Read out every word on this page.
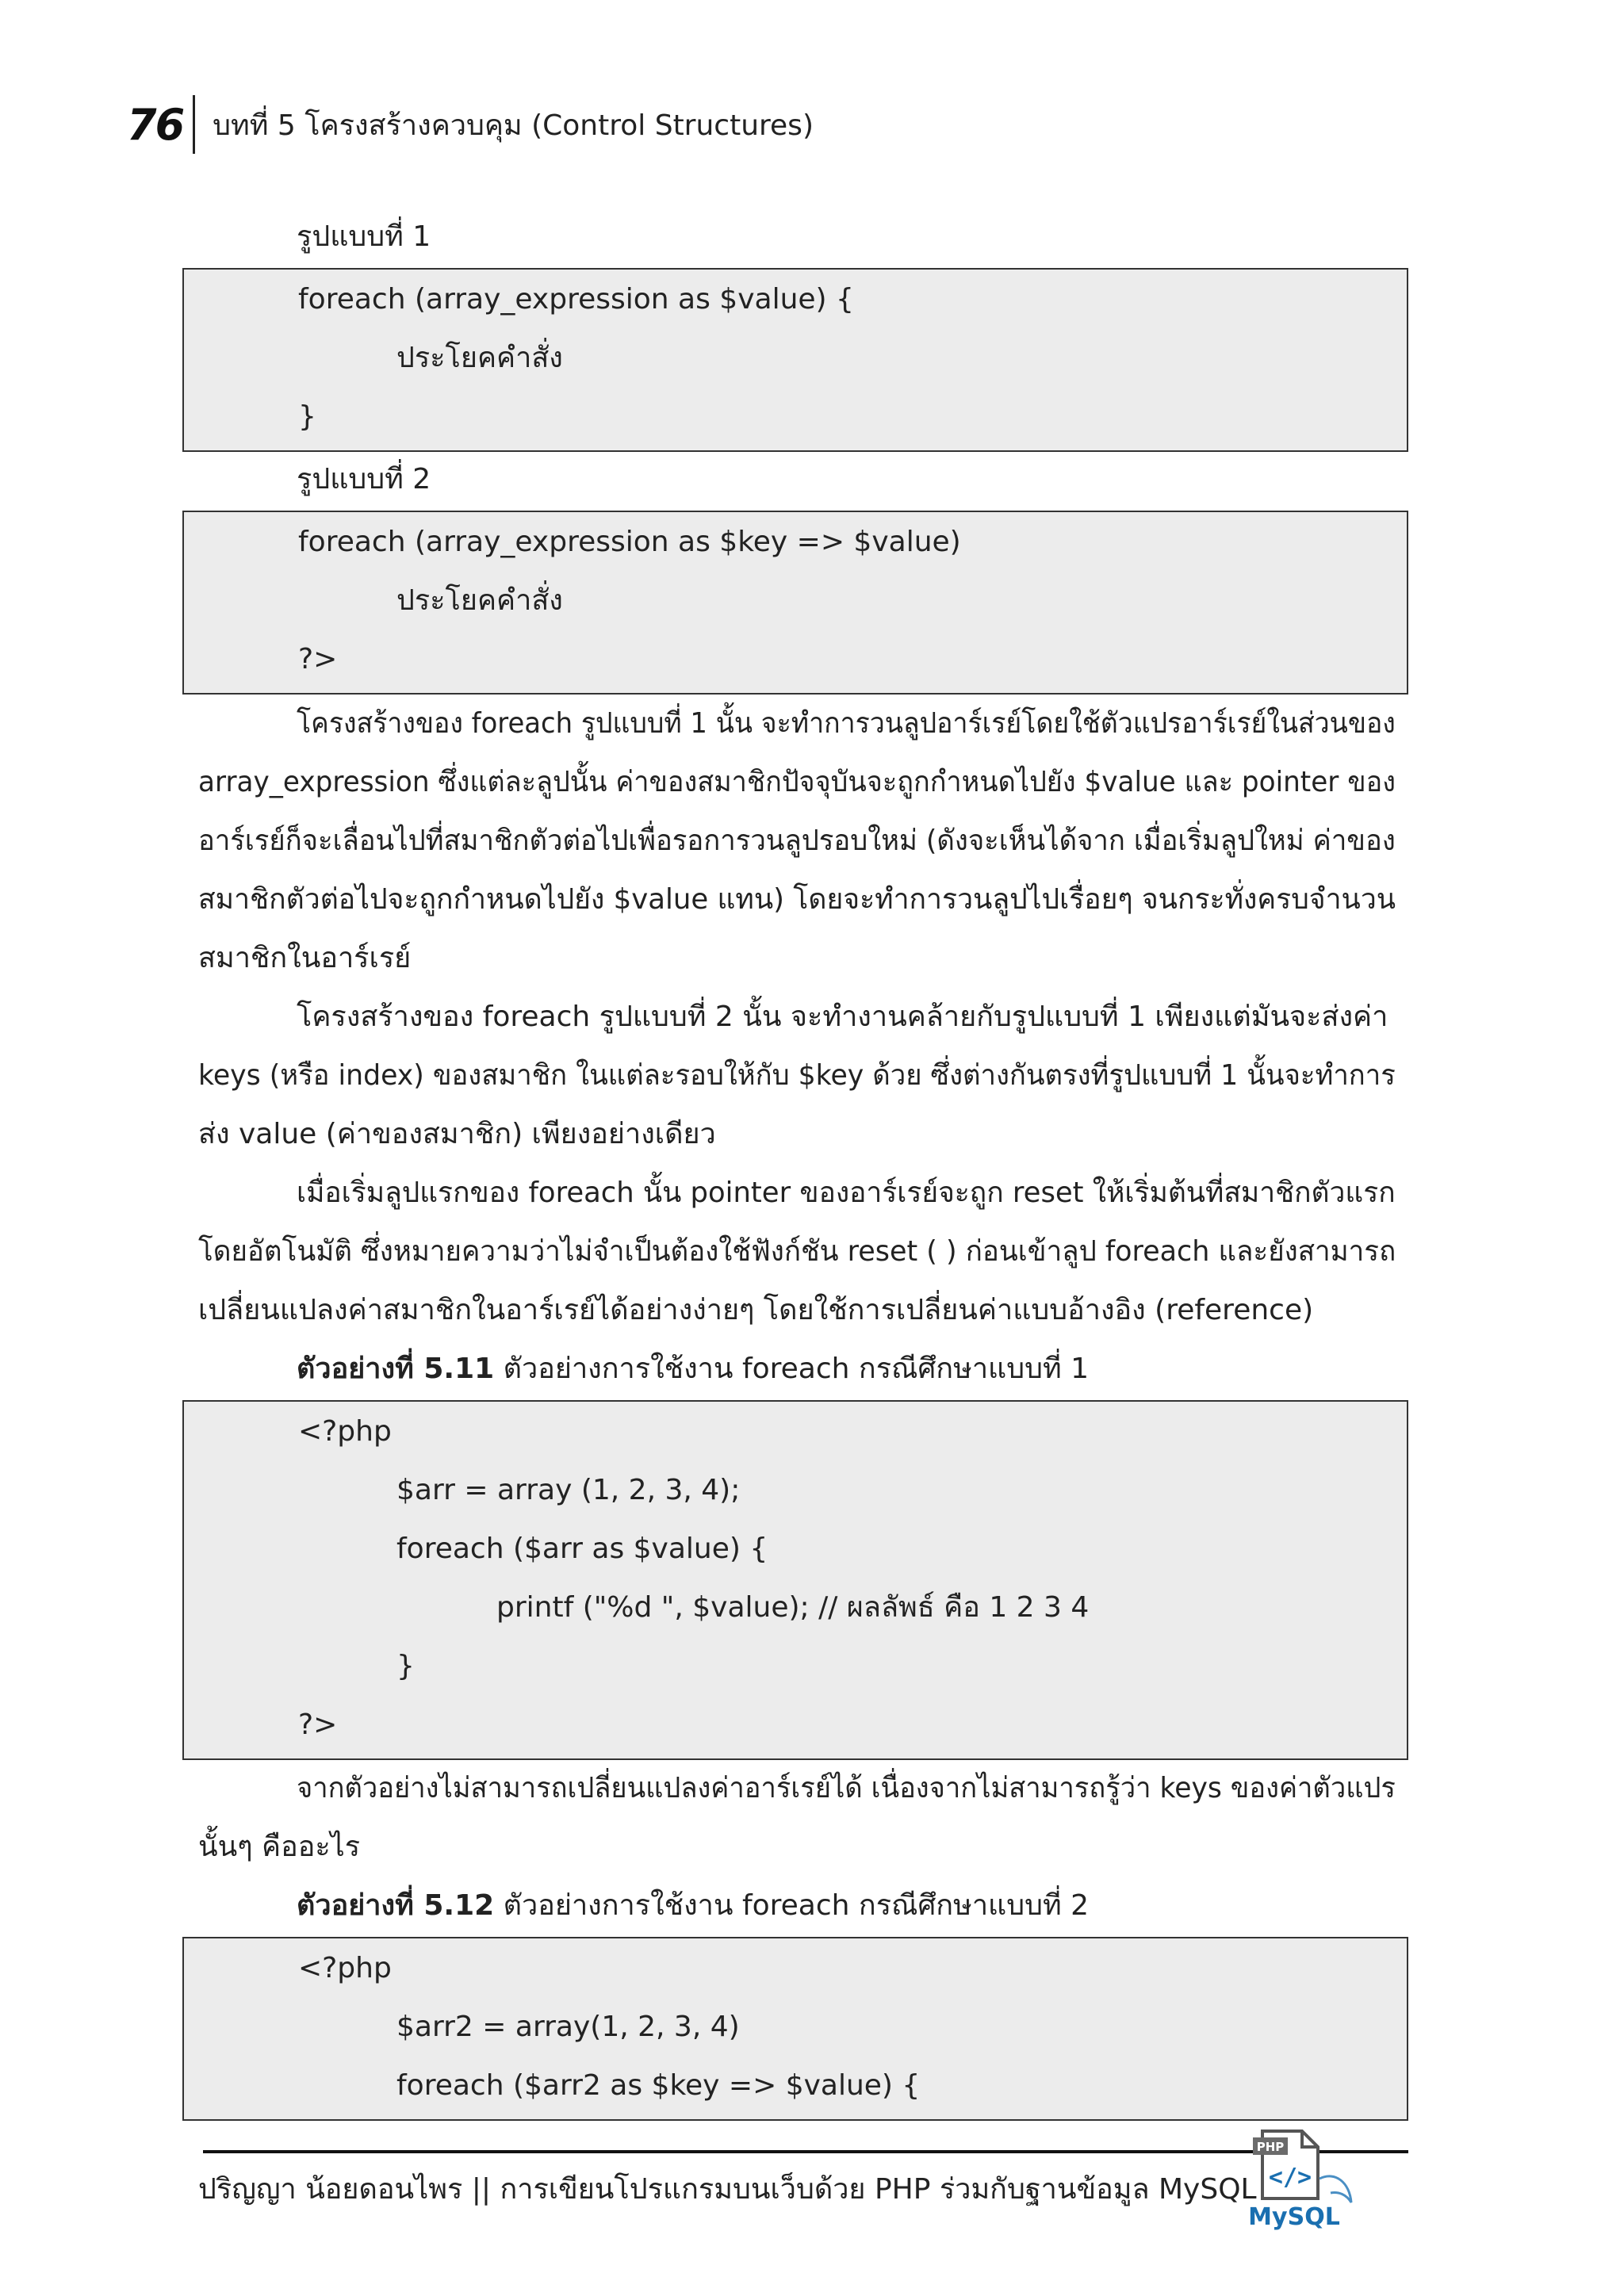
76 บทที่ 5 โครงสร้างควบคุม (Control Structures)
รูปแบบที่ 1
foreach (array_expression as $value) {
ประโยคคำสั่ง
}
รูปแบบที่ 2
foreach (array_expression as $key => $value)
ประโยคคำสั่ง
?>
โครงสร้างของ foreach รูปแบบที่ 1 นั้น จะทำการวนลูปอาร์เรย์โดยใช้ตัวแปรอาร์เรย์ในส่วนของ
array_expression ซึ่งแต่ละลูปนั้น ค่าของสมาชิกปัจจุบันจะถูกกำหนดไปยัง $value และ pointer ของ
อาร์เรย์ก็จะเลื่อนไปที่สมาชิกตัวต่อไปเพื่อรอการวนลูปรอบใหม่ (ดังจะเห็นได้จาก เมื่อเริ่มลูปใหม่ ค่าของ
สมาชิกตัวต่อไปจะถูกกำหนดไปยัง $value แทน) โดยจะทำการวนลูปไปเรื่อยๆ จนกระทั่งครบจำนวน
สมาชิกในอาร์เรย์
โครงสร้างของ foreach รูปแบบที่ 2 นั้น จะทำงานคล้ายกับรูปแบบที่ 1 เพียงแต่มันจะส่งค่า
keys (หรือ index) ของสมาชิก ในแต่ละรอบให้กับ $key ด้วย ซึ่งต่างกันตรงที่รูปแบบที่ 1 นั้นจะทำการ
ส่ง value (ค่าของสมาชิก) เพียงอย่างเดียว
เมื่อเริ่มลูปแรกของ foreach นั้น pointer ของอาร์เรย์จะถูก reset ให้เริ่มต้นที่สมาชิกตัวแรก
โดยอัตโนมัติ ซึ่งหมายความว่าไม่จำเป็นต้องใช้ฟังก์ชัน reset ( ) ก่อนเข้าลูป foreach และยังสามารถ
เปลี่ยนแปลงค่าสมาชิกในอาร์เรย์ได้อย่างง่ายๆ โดยใช้การเปลี่ยนค่าแบบอ้างอิง (reference)
ตัวอย่างที่ 5.11 ตัวอย่างการใช้งาน foreach กรณีศึกษาแบบที่ 1
<?php
$arr = array (1, 2, 3, 4);
foreach ($arr as $value) {
printf ("%d ", $value); // ผลลัพธ์ คือ 1 2 3 4
}
?>
จากตัวอย่างไม่สามารถเปลี่ยนแปลงค่าอาร์เรย์ได้ เนื่องจากไม่สามารถรู้ว่า keys ของค่าตัวแปร
นั้นๆ คืออะไร
ตัวอย่างที่ 5.12 ตัวอย่างการใช้งาน foreach กรณีศึกษาแบบที่ 2
<?php
$arr2 = array(1, 2, 3, 4)
foreach ($arr2 as $key => $value) {
ปริญญา น้อยดอนไพร || การเขียนโปรแกรมบนเว็บด้วย PHP ร่วมกับฐานข้อมูล MySQL
PHP
</>
MySQL
